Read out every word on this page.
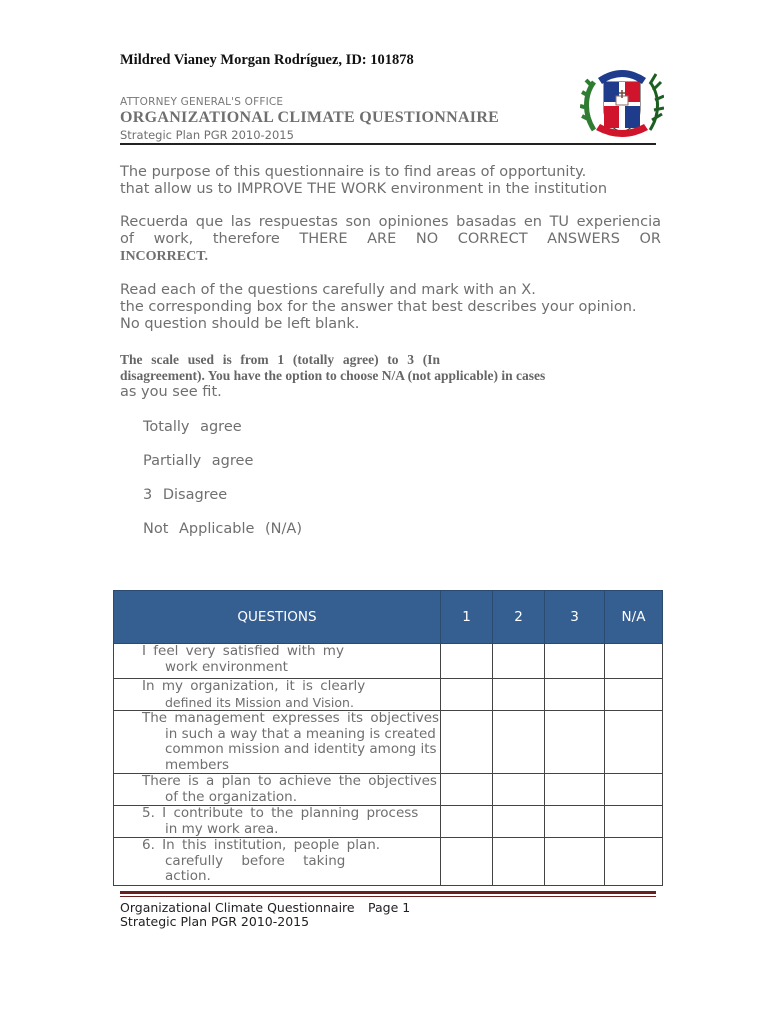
Mildred Vianey Morgan Rodríguez, ID: 101878
ATTORNEY GENERAL'S OFFICE
ORGANIZATIONAL CLIMATE QUESTIONNAIRE
Strategic Plan PGR 2010-2015
The purpose of this questionnaire is to find areas of opportunity.
that allow us to IMPROVE THE WORK environment in the institution
Recuerda que las respuestas son opiniones basadas en TU experiencia
of work, therefore THERE ARE NO CORRECT ANSWERS OR
INCORRECT.
Read each of the questions carefully and mark with an X.
the corresponding box for the answer that best describes your opinion.
No question should be left blank.
The scale used is from 1 (totally agree) to 3 (In
disagreement). You have the option to choose N/A (not applicable) in cases
as you see fit.
Totally agree
Partially agree
3 Disagree
Not Applicable (N/A)
QUESTIONS	1	2	3	N/A

I feel very satisfied with my
work environment				

In my organization, it is clearly
defined its Mission and Vision.				

The management expresses its objectives
in such a way that a meaning is created
common mission and identity among its
members				

There is a plan to achieve the objectives
of the organization.				

5. I contribute to the planning process
in my work area.				

6. In this institution, people plan.
carefully before taking
action.				

Organizational Climate Questionnaire Page 1
Strategic Plan PGR 2010-2015
